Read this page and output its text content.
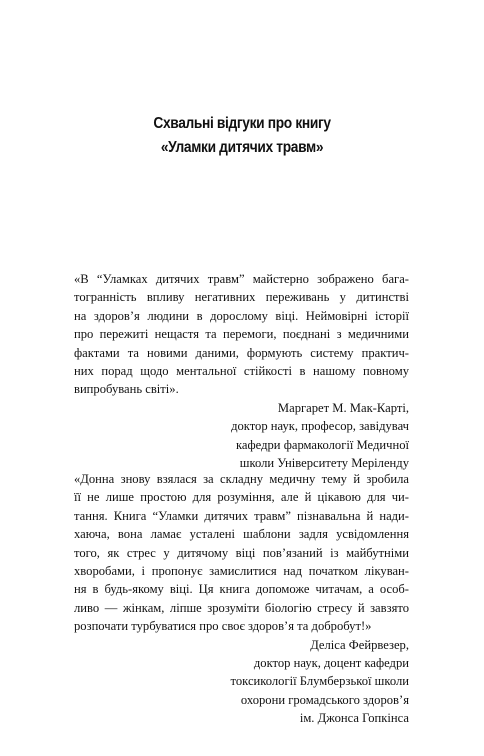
Схвальні відгуки про книгу
«Уламки дитячих травм»

«В “Уламках дитячих травм” майстерно зображено бага-
тогранність впливу негативних переживань у дитинстві
на здоров’я людини в дорослому віці. Неймовірні історії
про пережиті нещастя та перемоги, поєднані з медичними
фактами та новими даними, формують систему практич-
них порад щодо ментальної стійкості в нашому повному
випробувань світі».

Маргарет М. Мак-Карті,
доктор наук, професор, завідувач
кафедри фармакології Медичної
школи Університету Меріленду

«Донна знову взялася за складну медичну тему й зробила
її не лише простою для розуміння, але й цікавою для чи-
тання. Книга “Уламки дитячих травм” пізнавальна й нади-
хаюча, вона ламає усталені шаблони задля усвідомлення
того, як стрес у дитячому віці пов’язаний із майбутніми
хворобами, і пропонує замислитися над початком лікуван-
ня в будь-якому віці. Ця книга допоможе читачам, а особ-
ливо — жінкам, ліпше зрозуміти біологію стресу й завзято
розпочати турбуватися про своє здоров’я та добробут!»

Деліса Фейрвезер,
доктор наук, доцент кафедри
токсикології Блумберзької школи
охорони громадського здоров’я
ім. Джонса Гопкінса
